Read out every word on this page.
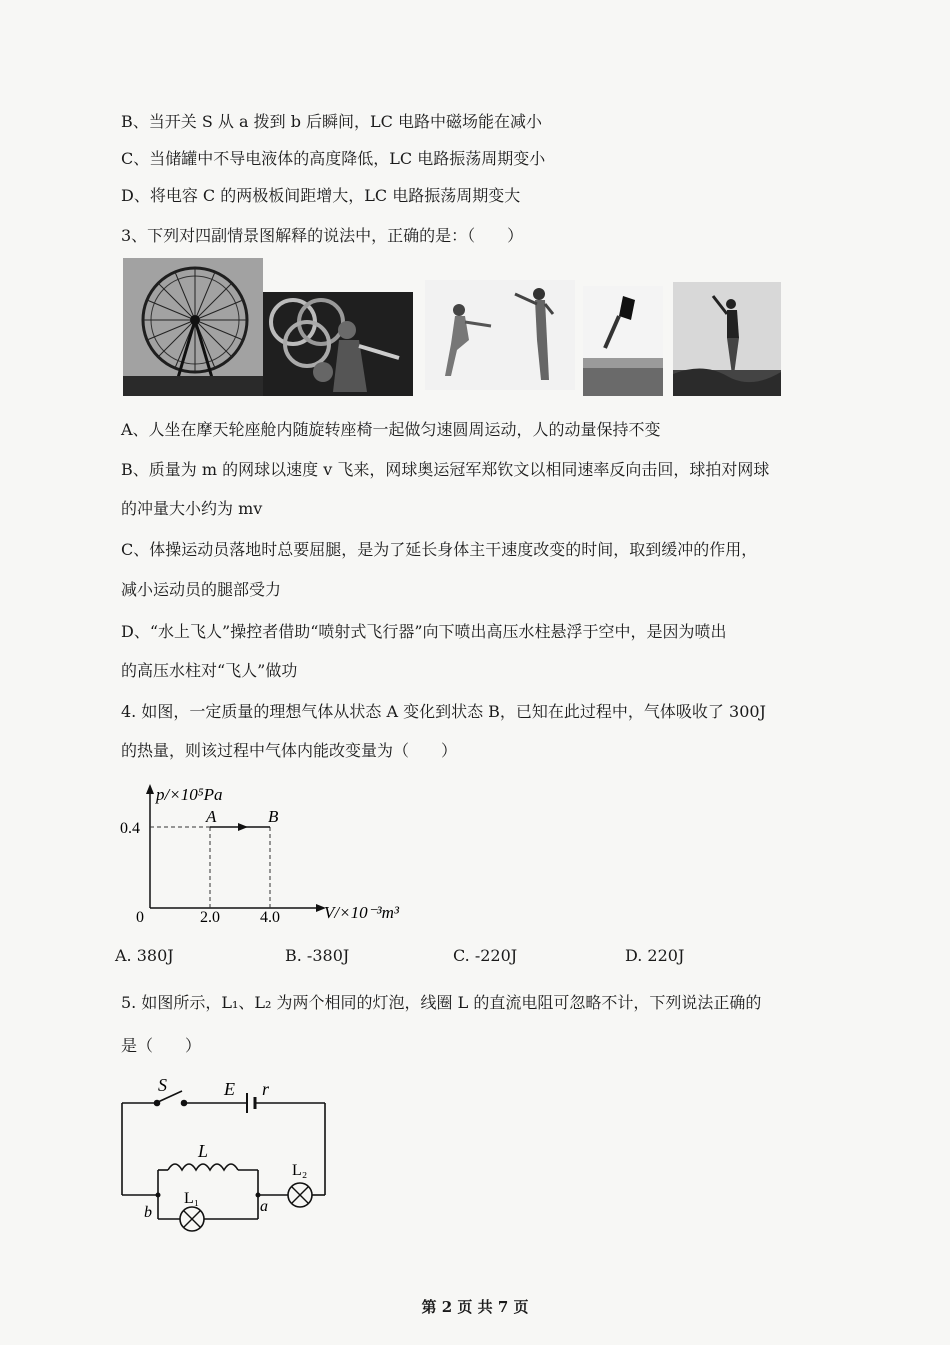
B、当开关 S 从 a 拨到 b 后瞬间，LC 电路中磁场能在减小
C、当储罐中不导电液体的高度降低，LC 电路振荡周期变小
D、将电容 C 的两极板间距增大，LC 电路振荡周期变大
3、下列对四副情景图解释的说法中，正确的是：（　　）
A、人坐在摩天轮座舱内随旋转座椅一起做匀速圆周运动，人的动量保持不变
B、质量为 m 的网球以速度 v 飞来，网球奥运冠军郑钦文以相同速率反向击回，球拍对网球
的冲量大小约为 mv
C、体操运动员落地时总要屈腿，是为了延长身体主干速度改变的时间，取到缓冲的作用，
减小运动员的腿部受力
D、“水上飞人”操控者借助“喷射式飞行器”向下喷出高压水柱悬浮于空中，是因为喷出
的高压水柱对“飞人”做功
4. 如图，一定质量的理想气体从状态 A 变化到状态 B，已知在此过程中，气体吸收了 300J
的热量，则该过程中气体内能改变量为（　　）
p/×10⁵Pa
V/×10⁻³m³
0
0.4
2.0	4.0
A	B
A. 380J	B. -380J	C. -220J	D. 220J
5. 如图所示，L₁、L₂ 为两个相同的灯泡，线圈 L 的直流电阻可忽略不计，下列说法正确的
是（　　）
S	E r
L
L₁
L₂
a
b
第 2 页 共 7 页
